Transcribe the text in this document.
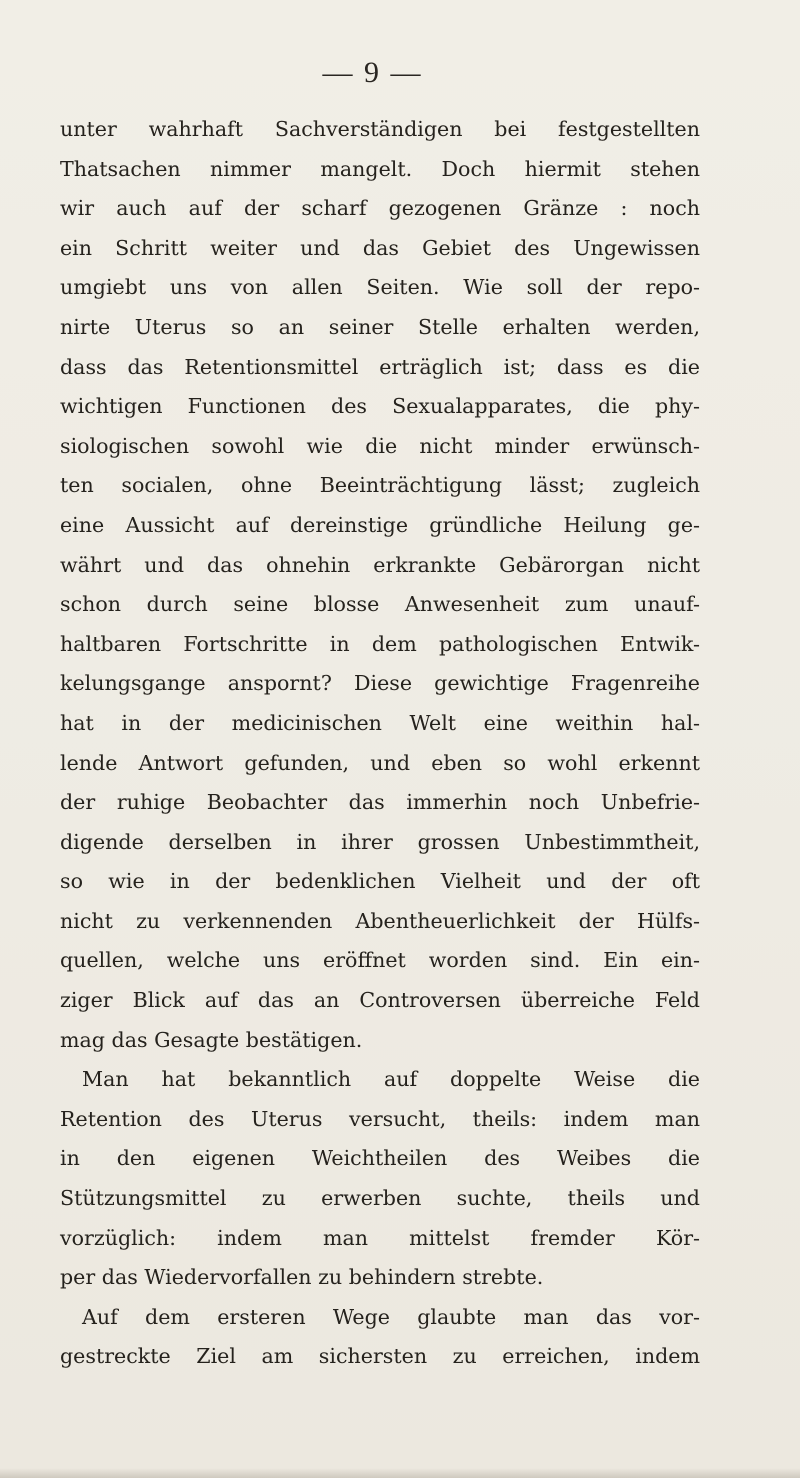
— 9 —
unter wahrhaft Sachverständigen bei festgestellten
Thatsachen nimmer mangelt. Doch hiermit stehen
wir auch auf der scharf gezogenen Gränze : noch
ein Schritt weiter und das Gebiet des Ungewissen
umgiebt uns von allen Seiten. Wie soll der repo-
nirte Uterus so an seiner Stelle erhalten werden,
dass das Retentionsmittel erträglich ist; dass es die
wichtigen Functionen des Sexualapparates, die phy-
siologischen sowohl wie die nicht minder erwünsch-
ten socialen, ohne Beeinträchtigung lässt; zugleich
eine Aussicht auf dereinstige gründliche Heilung ge-
währt und das ohnehin erkrankte Gebärorgan nicht
schon durch seine blosse Anwesenheit zum unauf-
haltbaren Fortschritte in dem pathologischen Entwik-
kelungsgange anspornt? Diese gewichtige Fragenreihe
hat in der medicinischen Welt eine weithin hal-
lende Antwort gefunden, und eben so wohl erkennt
der ruhige Beobachter das immerhin noch Unbefrie-
digende derselben in ihrer grossen Unbestimmtheit,
so wie in der bedenklichen Vielheit und der oft
nicht zu verkennenden Abentheuerlichkeit der Hülfs-
quellen, welche uns eröffnet worden sind. Ein ein-
ziger Blick auf das an Controversen überreiche Feld
mag das Gesagte bestätigen.
Man hat bekanntlich auf doppelte Weise die
Retention des Uterus versucht, theils: indem man
in den eigenen Weichtheilen des Weibes die
Stützungsmittel zu erwerben suchte, theils und
vorzüglich: indem man mittelst fremder Kör-
per das Wiedervorfallen zu behindern strebte.
Auf dem ersteren Wege glaubte man das vor-
gestreckte Ziel am sichersten zu erreichen, indem
